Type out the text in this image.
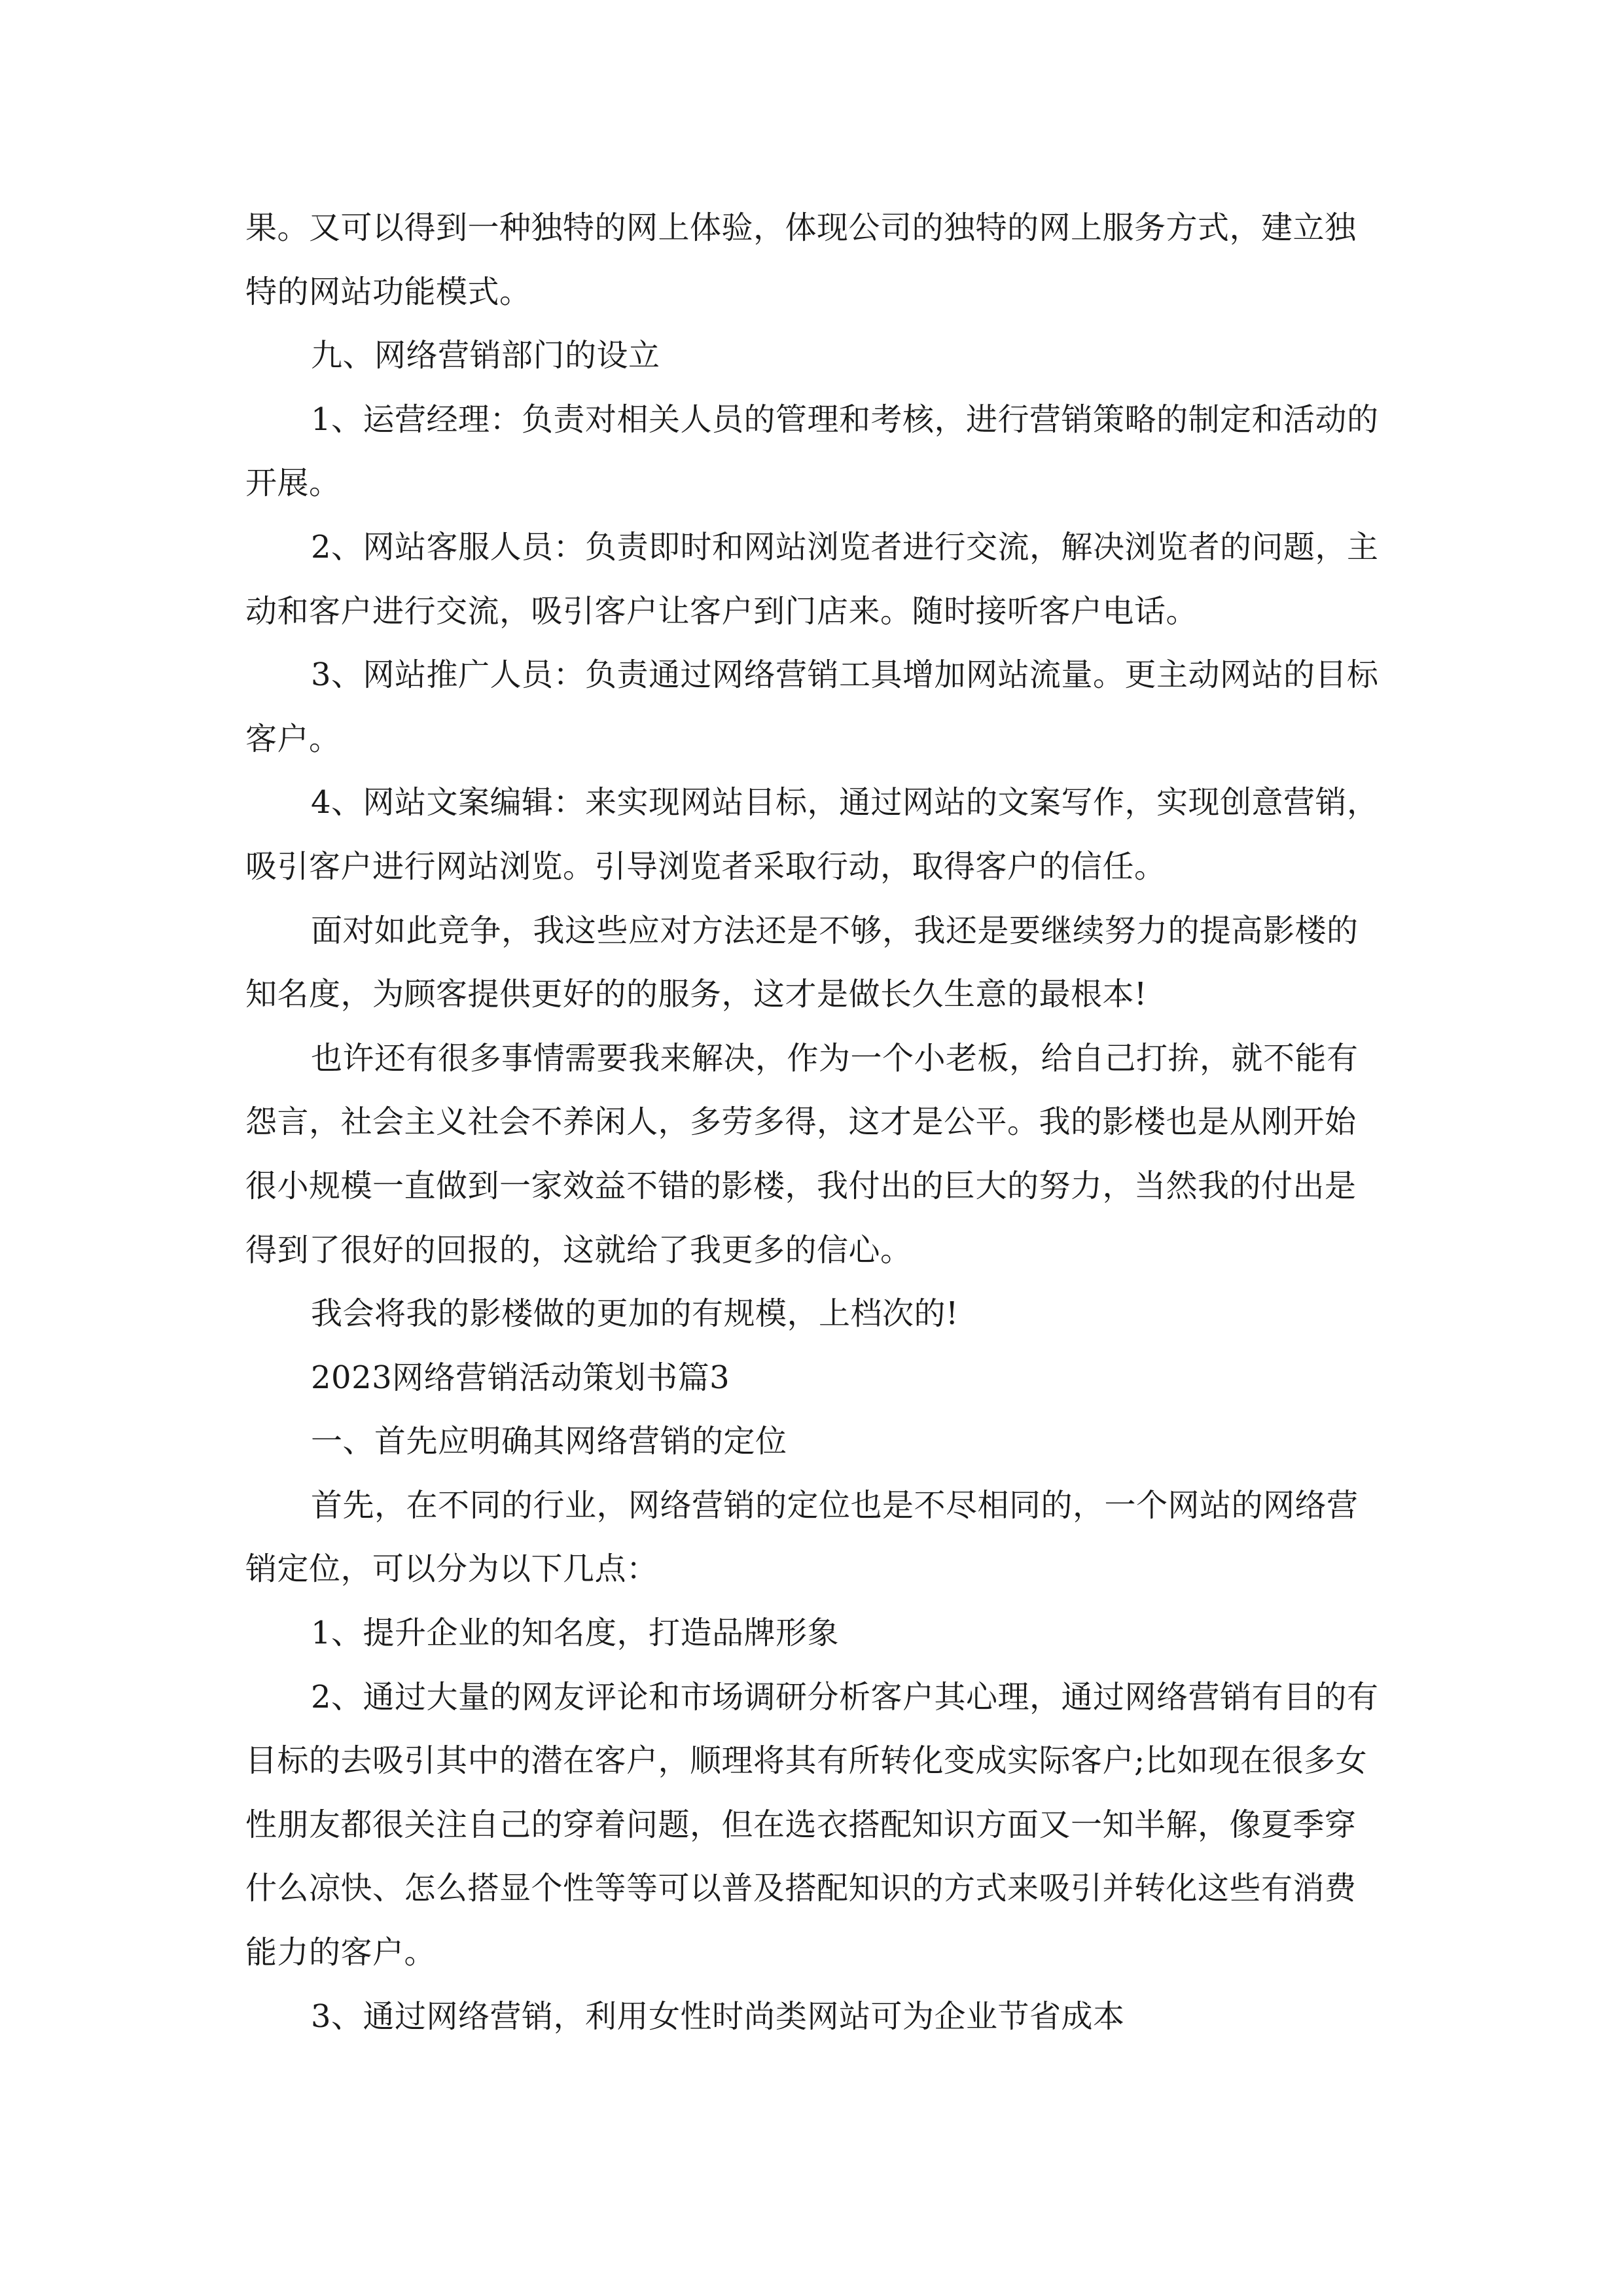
果。又可以得到一种独特的网上体验，体现公司的独特的网上服务方式，建立独特的网站功能模式。

九、网络营销部门的设立

1、运营经理：负责对相关人员的管理和考核，进行营销策略的制定和活动的开展。

2、网站客服人员：负责即时和网站浏览者进行交流，解决浏览者的问题，主动和客户进行交流，吸引客户让客户到门店来。随时接听客户电话。

3、网站推广人员：负责通过网络营销工具增加网站流量。更主动网站的目标客户。

4、网站文案编辑：来实现网站目标，通过网站的文案写作，实现创意营销，吸引客户进行网站浏览。引导浏览者采取行动，取得客户的信任。

面对如此竞争，我这些应对方法还是不够，我还是要继续努力的提高影楼的知名度，为顾客提供更好的的服务，这才是做长久生意的最根本!

也许还有很多事情需要我来解决，作为一个小老板，给自己打拚，就不能有怨言，社会主义社会不养闲人，多劳多得，这才是公平。我的影楼也是从刚开始很小规模一直做到一家效益不错的影楼，我付出的巨大的努力，当然我的付出是得到了很好的回报的，这就给了我更多的信心。

我会将我的影楼做的更加的有规模，上档次的!

2023网络营销活动策划书篇3

一、首先应明确其网络营销的定位

首先，在不同的行业，网络营销的定位也是不尽相同的，一个网站的网络营销定位，可以分为以下几点：

1、提升企业的知名度，打造品牌形象

2、通过大量的网友评论和市场调研分析客户其心理，通过网络营销有目的有目标的去吸引其中的潜在客户，顺理将其有所转化变成实际客户;比如现在很多女性朋友都很关注自己的穿着问题，但在选衣搭配知识方面又一知半解，像夏季穿什么凉快、怎么搭显个性等等可以普及搭配知识的方式来吸引并转化这些有消费能力的客户。

3、通过网络营销，利用女性时尚类网站可为企业节省成本
